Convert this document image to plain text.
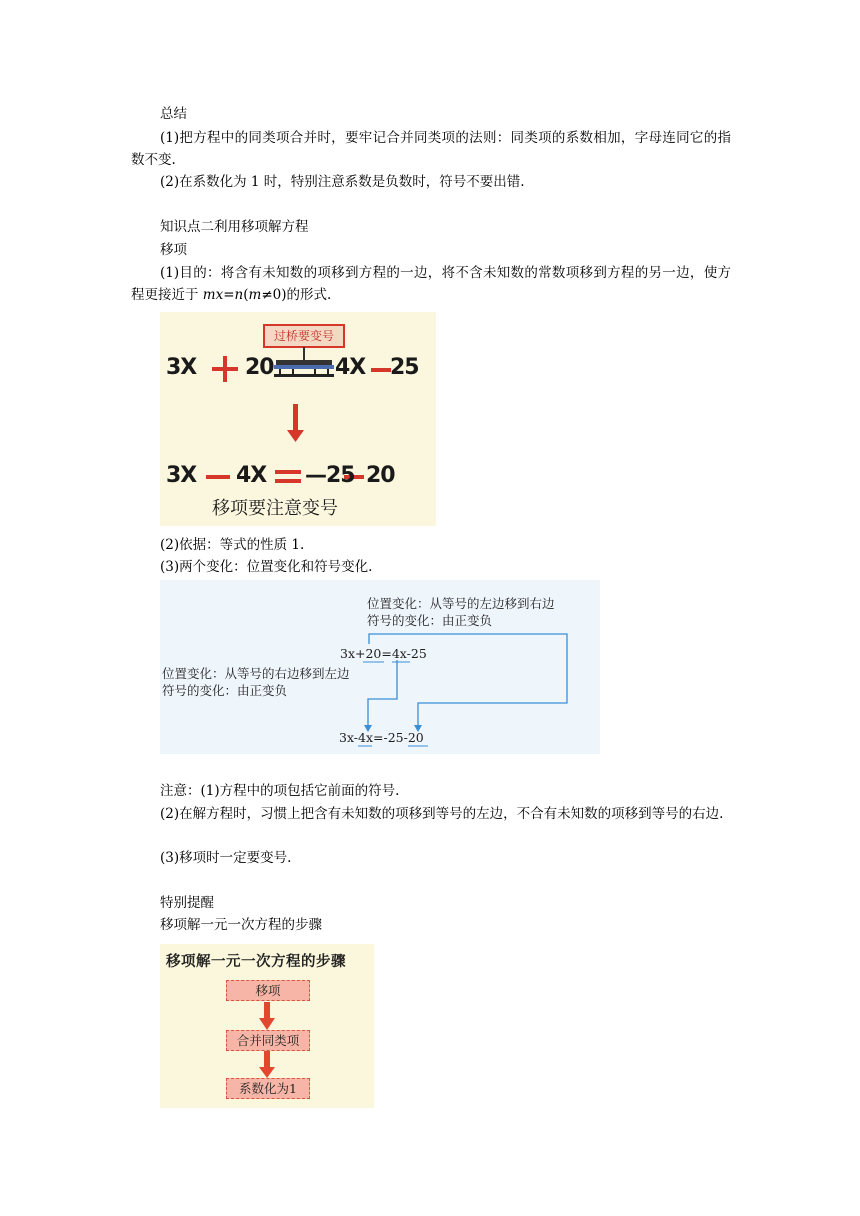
总结
(1)把方程中的同类项合并时，要牢记合并同类项的法则：同类项的系数相加，字母连同它的指数不变.
(2)在系数化为 1 时，特别注意系数是负数时，符号不要出错.
知识点二利用移项解方程
移项
(1)目的：将含有未知数的项移到方程的一边，将不含未知数的常数项移到方程的另一边，使方程更接近于 mx=n(m≠0)的形式.
过桥要变号
3X 20	4X 25
3X 4X —25 20
移项要注意变号
(2)依据：等式的性质 1.
(3)两个变化：位置变化和符号变化.
位置变化：从等号的左边移到右边
符号的变化：由正变负
3x+20=4x-25
位置变化：从等号的右边移到左边
符号的变化：由正变负
3x-4x=-25-20
注意：(1)方程中的项包括它前面的符号.
(2)在解方程时，习惯上把含有未知数的项移到等号的左边，不合有未知数的项移到等号的右边.
(3)移项时一定要变号.
特别提醒
移项解一元一次方程的步骤
移项解一元一次方程的步骤
移项
合并同类项
系数化为1
